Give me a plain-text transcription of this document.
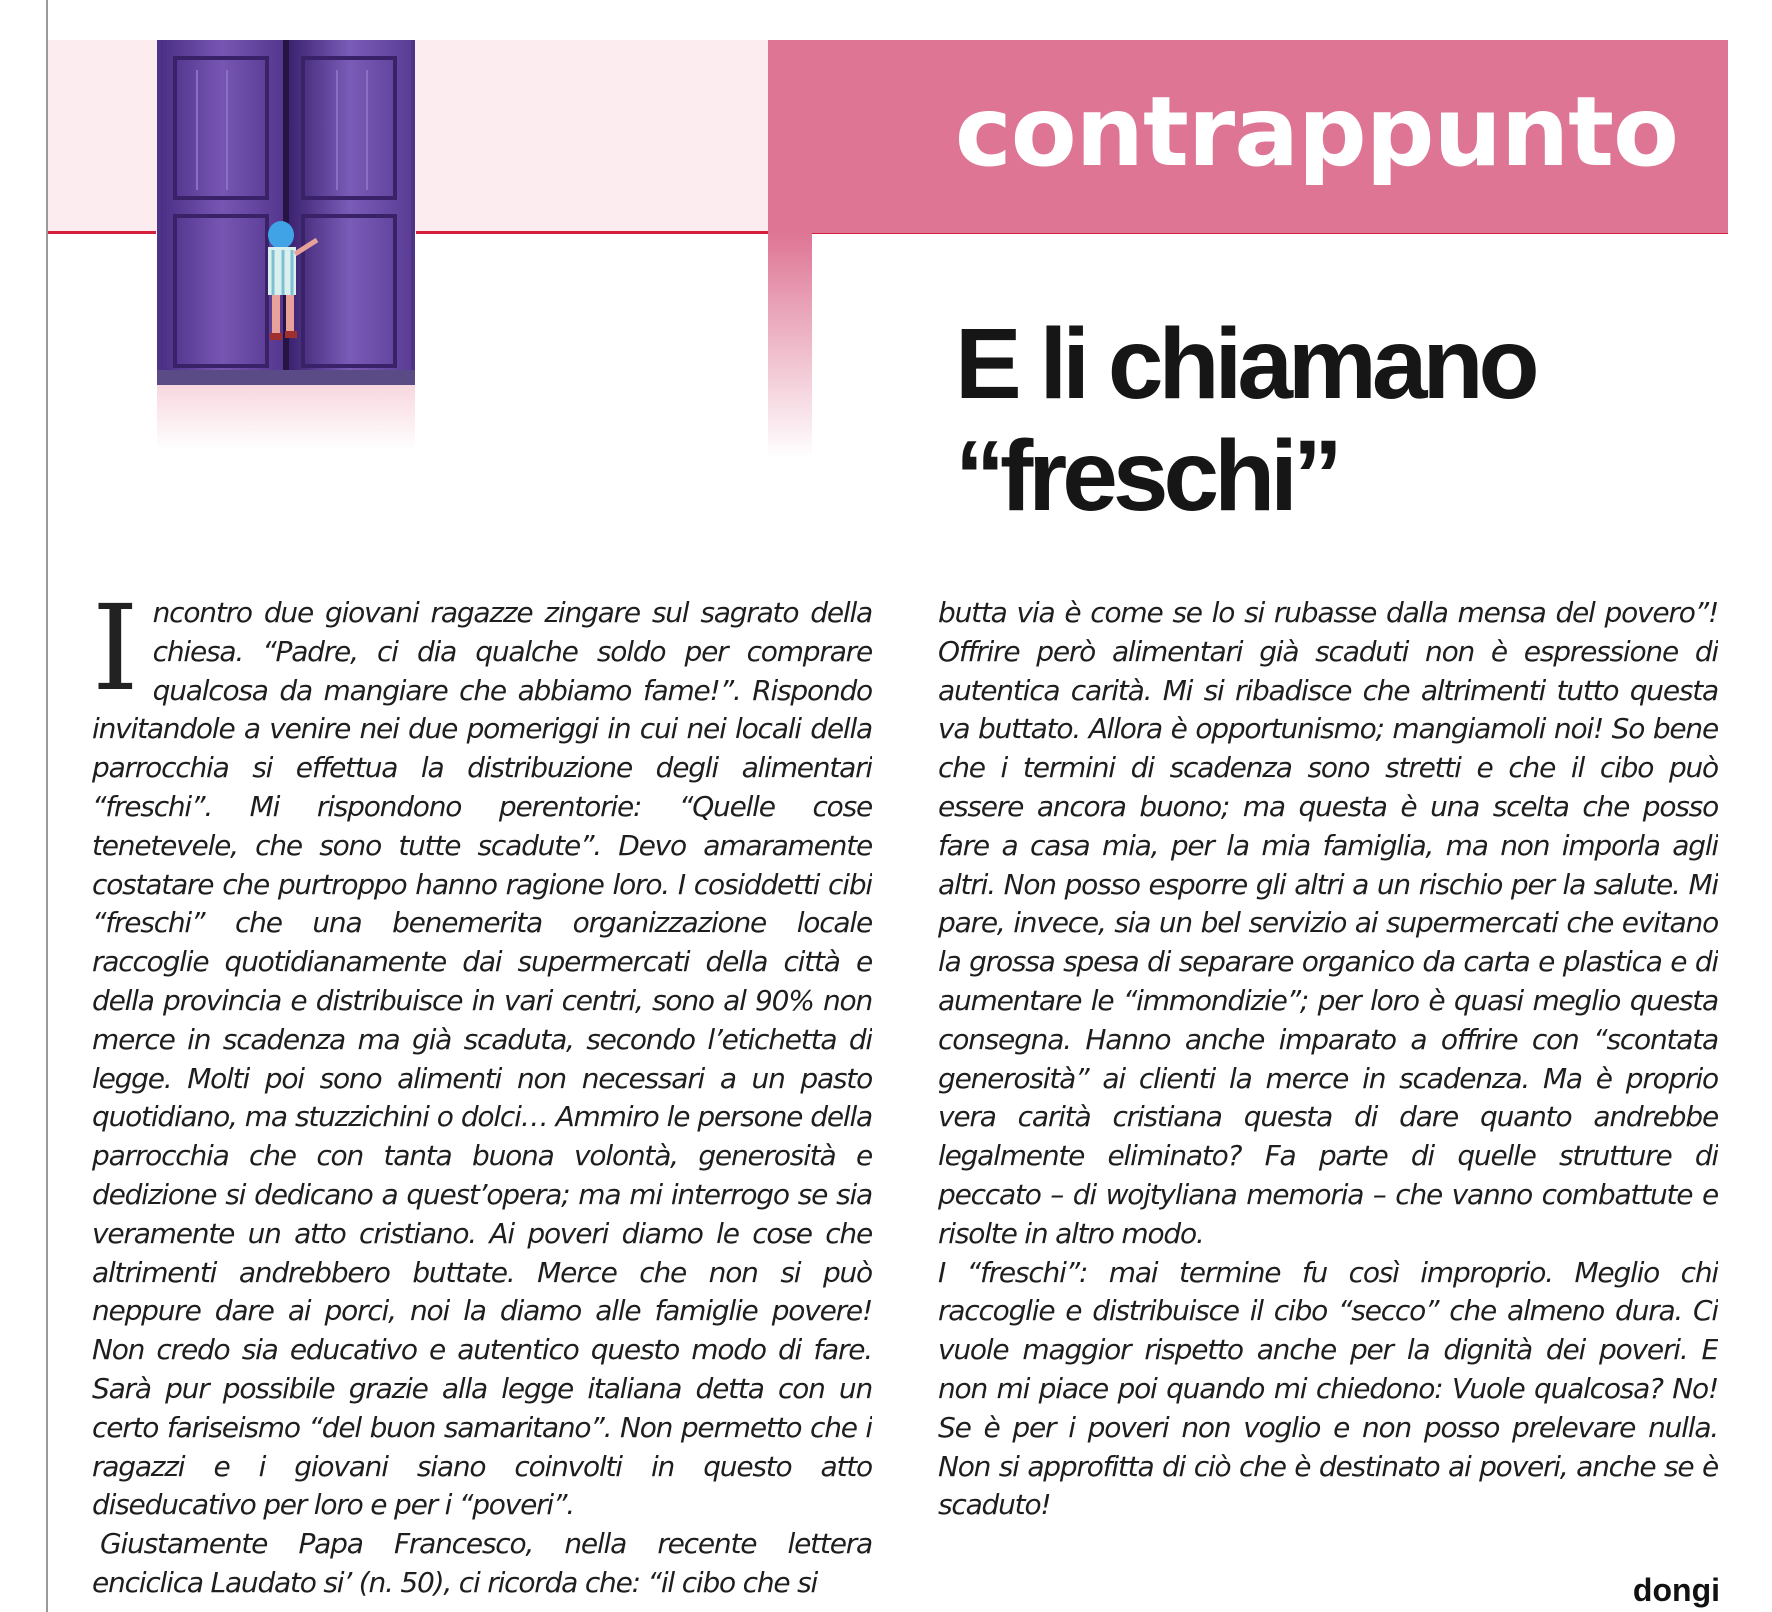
contrappunto
E li chiamano
“freschi”
I ncontro due giovani ragazze zingare sul sagrato della chiesa. “Padre, ci dia qualche soldo per comprare qualcosa da mangiare che abbiamo fame!”. Rispondo invitandole a venire nei due pomeriggi in cui nei locali della parrocchia si effettua la distribuzione degli alimentari “freschi”. Mi rispondono perentorie: “Quelle cose tenetevele, che sono tutte scadute”. Devo amaramente costatare che purtroppo hanno ragione loro. I cosiddetti cibi “freschi” che una benemerita organizzazione locale raccoglie quotidianamente dai supermercati della città e della provincia e distribuisce in vari centri, sono al 90% non merce in scadenza ma già scaduta, secondo l’etichetta di legge. Molti poi sono alimenti non necessari a un pasto quotidiano, ma stuzzichini o dolci… Ammiro le persone della parrocchia che con tanta buona volontà, generosità e dedizione si dedicano a quest’opera; ma mi interrogo se sia veramente un atto cristiano. Ai poveri diamo le cose che altrimenti andrebbero buttate. Merce che non si può neppure dare ai porci, noi la diamo alle famiglie povere! Non credo sia educativo e autentico questo modo di fare. Sarà pur possibile grazie alla legge italiana detta con un certo fariseismo “del buon samaritano”. Non permetto che i ragazzi e i giovani siano coinvolti in questo atto diseducativo per loro e per i “poveri”.

Giustamente Papa Francesco, nella recente lettera enciclica Laudato si’ (n. 50), ci ricorda che: “il cibo che si

butta via è come se lo si rubasse dalla mensa del povero”! Offrire però alimentari già scaduti non è espressione di autentica carità. Mi si ribadisce che altrimenti tutto questa va buttato. Allora è opportunismo; mangiamoli noi! So bene che i termini di scadenza sono stretti e che il cibo può essere ancora buono; ma questa è una scelta che posso fare a casa mia, per la mia famiglia, ma non imporla agli altri. Non posso esporre gli altri a un rischio per la salute. Mi pare, invece, sia un bel servizio ai supermercati che evitano la grossa spesa di separare organico da carta e plastica e di aumentare le “immondizie”; per loro è quasi meglio questa consegna. Hanno anche imparato a offrire con “scontata generosità” ai clienti la merce in scadenza. Ma è proprio vera carità cristiana questa di dare quanto andrebbe legalmente eliminato? Fa parte di quelle strutture di peccato – di wojtyliana memoria – che vanno combattute e risolte in altro modo.

I “freschi”: mai termine fu così improprio. Meglio chi raccoglie e distribuisce il cibo “secco” che almeno dura. Ci vuole maggior rispetto anche per la dignità dei poveri. E non mi piace poi quando mi chiedono: Vuole qualcosa? No! Se è per i poveri non voglio e non posso prelevare nulla. Non si approfitta di ciò che è destinato ai poveri, anche se è scaduto!

dongi
